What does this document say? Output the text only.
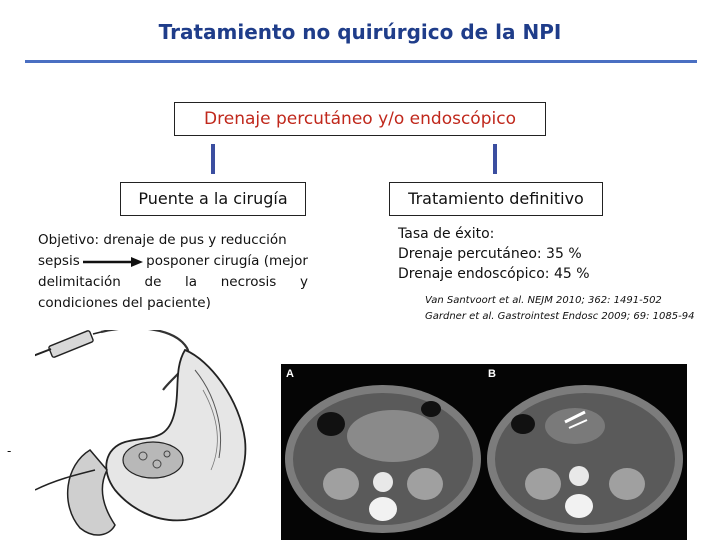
Tratamiento no quirúrgico de la NPI
Drenaje percutáneo y/o endoscópico
Puente a la cirugía	Tratamiento definitivo
Objetivo: drenaje de pus y reducción
sepsis	posponer cirugía (mejor
delimitación de la necrosis y
condiciones del paciente)
Tasa de éxito:
Drenaje percutáneo: 35 %
Drenaje endoscópico: 45 %
Van Santvoort et al. NEJM 2010; 362: 1491-502
Gardner et al. Gastrointest Endosc 2009; 69: 1085-94
-
A	B
